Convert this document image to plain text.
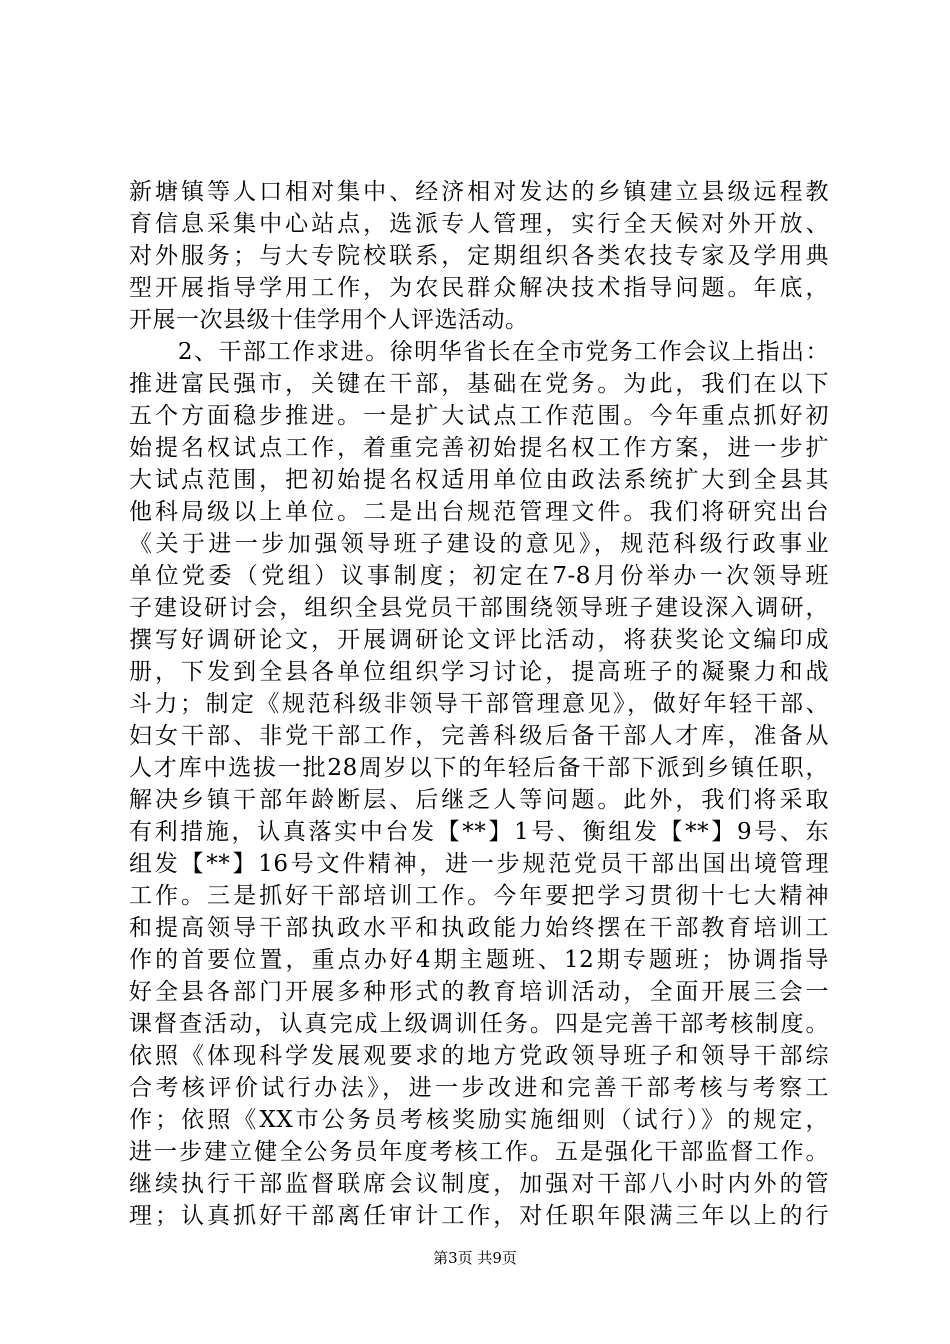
新塘镇等人口相对集中、经济相对发达的乡镇建立县级远程教
育信息采集中心站点，选派专人管理，实行全天候对外开放、
对外服务；与大专院校联系，定期组织各类农技专家及学用典
型开展指导学用工作，为农民群众解决技术指导问题。年底，
开展一次县级十佳学用个人评选活动。
　　2、干部工作求进。徐明华省长在全市党务工作会议上指出：
推进富民强市，关键在干部，基础在党务。为此，我们在以下
五个方面稳步推进。一是扩大试点工作范围。今年重点抓好初
始提名权试点工作，着重完善初始提名权工作方案，进一步扩
大试点范围，把初始提名权适用单位由政法系统扩大到全县其
他科局级以上单位。二是出台规范管理文件。我们将研究出台
《关于进一步加强领导班子建设的意见》，规范科级行政事业
单位党委（党组）议事制度；初定在7-8月份举办一次领导班
子建设研讨会，组织全县党员干部围绕领导班子建设深入调研，
撰写好调研论文，开展调研论文评比活动，将获奖论文编印成
册，下发到全县各单位组织学习讨论，提高班子的凝聚力和战
斗力；制定《规范科级非领导干部管理意见》，做好年轻干部、
妇女干部、非党干部工作，完善科级后备干部人才库，准备从
人才库中选拔一批28周岁以下的年轻后备干部下派到乡镇任职，
解决乡镇干部年龄断层、后继乏人等问题。此外，我们将采取
有利措施，认真落实中台发【**】1号、衡组发【**】9号、东
组发【**】16号文件精神，进一步规范党员干部出国出境管理
工作。三是抓好干部培训工作。今年要把学习贯彻十七大精神
和提高领导干部执政水平和执政能力始终摆在干部教育培训工
作的首要位置，重点办好4期主题班、12期专题班；协调指导
好全县各部门开展多种形式的教育培训活动，全面开展三会一
课督查活动，认真完成上级调训任务。四是完善干部考核制度。
依照《体现科学发展观要求的地方党政领导班子和领导干部综
合考核评价试行办法》，进一步改进和完善干部考核与考察工
作；依照《XX市公务员考核奖励实施细则（试行）》的规定，
进一步建立健全公务员年度考核工作。五是强化干部监督工作。
继续执行干部监督联席会议制度，加强对干部八小时内外的管
理；认真抓好干部离任审计工作，对任职年限满三年以上的行
第3页 共9页
